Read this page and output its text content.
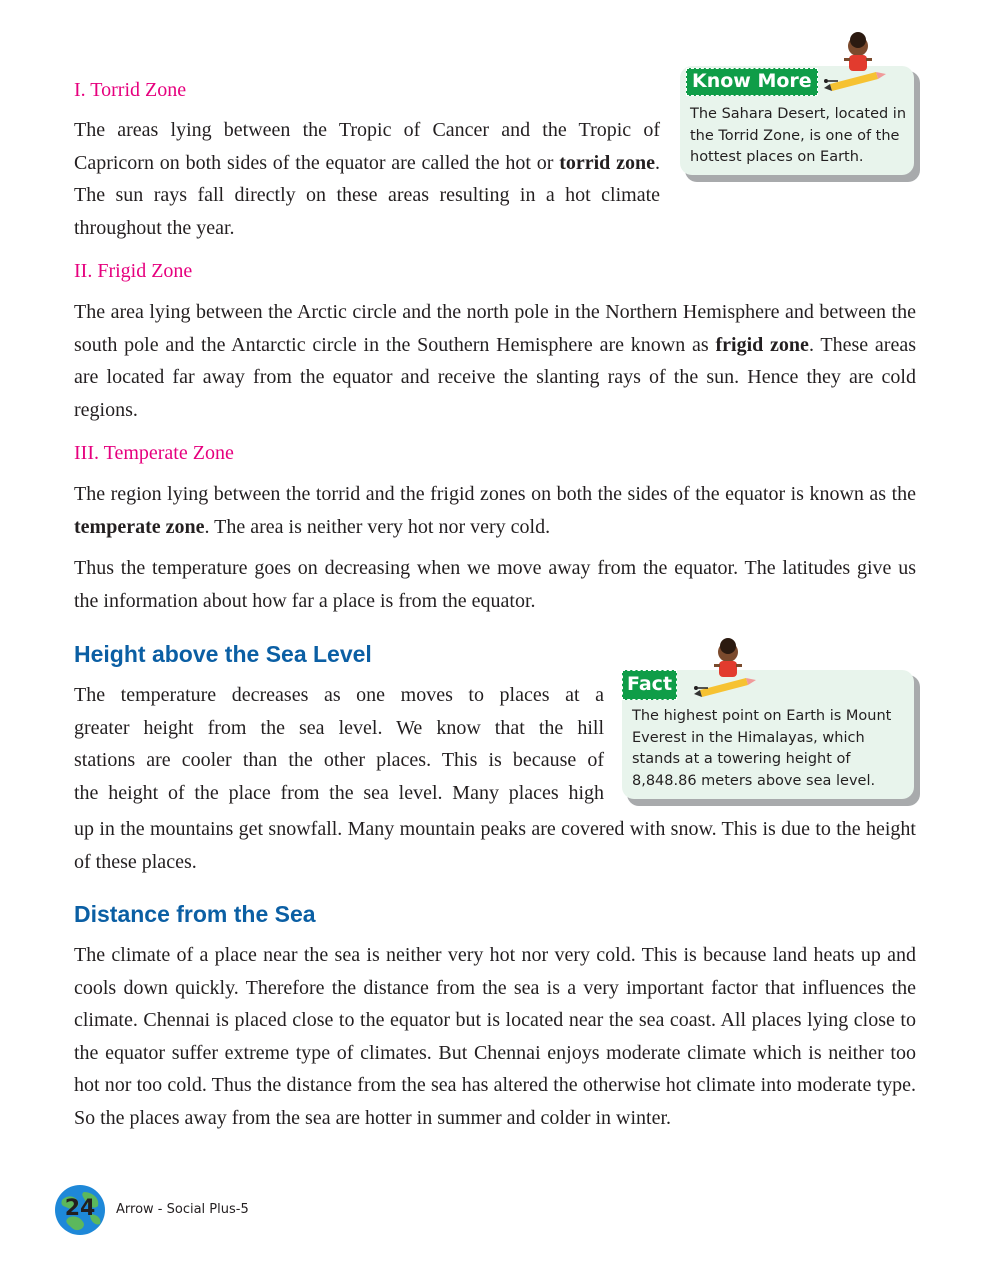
I. Torrid Zone

The areas lying between the Tropic of Cancer and the Tropic of Capricorn on both sides of the equator are called the hot or torrid zone. The sun rays fall directly on these areas resulting in a hot climate throughout the year.

Know More
The Sahara Desert, located in the Torrid Zone, is one of the hottest places on Earth.

II. Frigid Zone

The area lying between the Arctic circle and the north pole in the Northern Hemisphere and between the south pole and the Antarctic circle in the Southern Hemisphere are known as frigid zone. These areas are located far away from the equator and receive the slanting rays of the sun. Hence they are cold regions.

III. Temperate Zone

The region lying between the torrid and the frigid zones on both the sides of the equator is known as the temperate zone. The area is neither very hot nor very cold.

Thus the temperature goes on decreasing when we move away from the equator. The latitudes give us the information about how far a place is from the equator.

Height above the Sea Level
The temperature decreases as one moves to places at a
greater height from the sea level. We know that the hill
stations are cooler than the other places. This is because of
the height of the place from the sea level. Many places high

up in the mountains get snowfall. Many mountain peaks are covered with snow. This is due to the height of these places.

Fact
The highest point on Earth is Mount Everest in the Himalayas, which stands at a towering height of 8,848.86 meters above sea level.
Distance from the Sea

The climate of a place near the sea is neither very hot nor very cold. This is because land heats up and cools down quickly. Therefore the distance from the sea is a very important factor that influences the climate. Chennai is placed close to the equator but is located near the sea coast. All places lying close to the equator suffer extreme type of climates. But Chennai enjoys moderate climate which is neither too hot nor too cold. Thus the distance from the sea has altered the otherwise hot climate into moderate type. So the places away from the sea are hotter in summer and colder in winter.

24	Arrow - Social Plus-5
